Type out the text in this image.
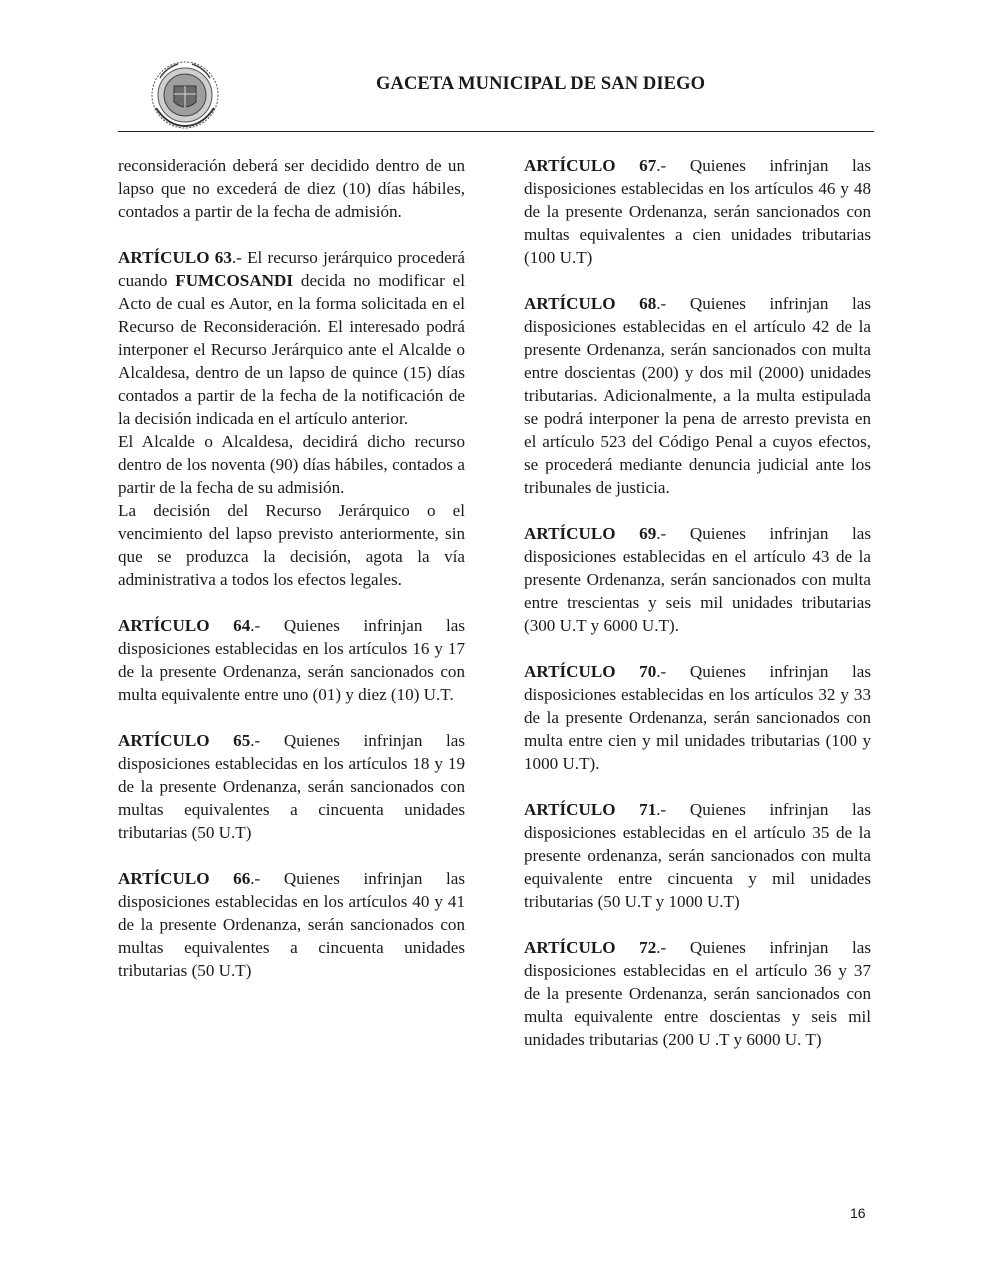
GACETA MUNICIPAL DE SAN DIEGO

reconsideración deberá ser decidido dentro de un lapso que no excederá de diez (10) días hábiles, contados a partir de la fecha de admisión.

ARTÍCULO 63.- El recurso jerárquico procederá cuando FUMCOSANDI decida no modificar el Acto de cual es Autor, en la forma solicitada en el Recurso de Reconsideración. El interesado podrá interponer el Recurso Jerárquico ante el Alcalde o Alcaldesa, dentro de un lapso de quince (15) días contados a partir de la fecha de la notificación de la decisión indicada en el artículo anterior.

El Alcalde o Alcaldesa, decidirá dicho recurso dentro de los noventa (90) días hábiles, contados a partir de la fecha de su admisión.

La decisión del Recurso Jerárquico o el vencimiento del lapso previsto anteriormente, sin que se produzca la decisión, agota la vía administrativa a todos los efectos legales.

ARTÍCULO 64.- Quienes infrinjan las disposiciones establecidas en los artículos 16 y 17 de la presente Ordenanza, serán sancionados con multa equivalente entre uno (01) y diez (10) U.T.

ARTÍCULO 65.- Quienes infrinjan las disposiciones establecidas en los artículos 18 y 19 de la presente Ordenanza, serán sancionados con multas equivalentes a cincuenta unidades tributarias (50 U.T)

ARTÍCULO 66.- Quienes infrinjan las disposiciones establecidas en los artículos 40 y 41 de la presente Ordenanza, serán sancionados con multas equivalentes a cincuenta unidades tributarias (50 U.T)

ARTÍCULO 67.- Quienes infrinjan las disposiciones establecidas en los artículos 46 y 48 de la presente Ordenanza, serán sancionados con multas equivalentes a cien unidades tributarias (100 U.T)

ARTÍCULO 68.- Quienes infrinjan las disposiciones establecidas en el artículo 42 de la presente Ordenanza, serán sancionados con multa entre doscientas (200) y dos mil (2000) unidades tributarias. Adicionalmente, a la multa estipulada se podrá interponer la pena de arresto prevista en el artículo 523 del Código Penal a cuyos efectos, se procederá mediante denuncia judicial ante los tribunales de justicia.

ARTÍCULO 69.- Quienes infrinjan las disposiciones establecidas en el artículo 43 de la presente Ordenanza, serán sancionados con multa entre trescientas y seis mil unidades tributarias (300 U.T y 6000 U.T).

ARTÍCULO 70.- Quienes infrinjan las disposiciones establecidas en los artículos 32 y 33 de la presente Ordenanza, serán sancionados con multa entre cien y mil unidades tributarias (100 y 1000 U.T).

ARTÍCULO 71.- Quienes infrinjan las disposiciones establecidas en el artículo 35 de la presente ordenanza, serán sancionados con multa equivalente entre cincuenta y mil unidades tributarias (50 U.T y 1000 U.T)

ARTÍCULO 72.- Quienes infrinjan las disposiciones establecidas en el artículo 36 y 37 de la presente Ordenanza, serán sancionados con multa equivalente entre doscientas y seis mil unidades tributarias (200 U .T y 6000 U. T)

16
